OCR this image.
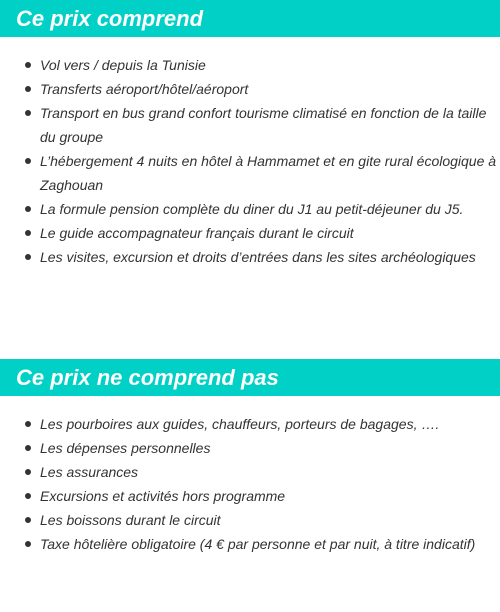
Ce prix comprend
Vol vers / depuis la Tunisie
Transferts aéroport/hôtel/aéroport
Transport en bus grand confort tourisme climatisé en fonction de la taille du groupe
L’hébergement 4 nuits en hôtel à Hammamet et en gite rural écologique à Zaghouan
La formule pension complète du diner du J1 au petit-déjeuner du J5.
Le guide accompagnateur français durant le circuit
Les visites, excursion et droits d’entrées dans les sites archéologiques
Ce prix ne comprend pas
Les pourboires aux guides, chauffeurs, porteurs de bagages, ….
Les dépenses personnelles
Les assurances
Excursions et activités hors programme
Les boissons durant le circuit
Taxe hôtelière obligatoire (4 € par personne et par nuit, à titre indicatif)
